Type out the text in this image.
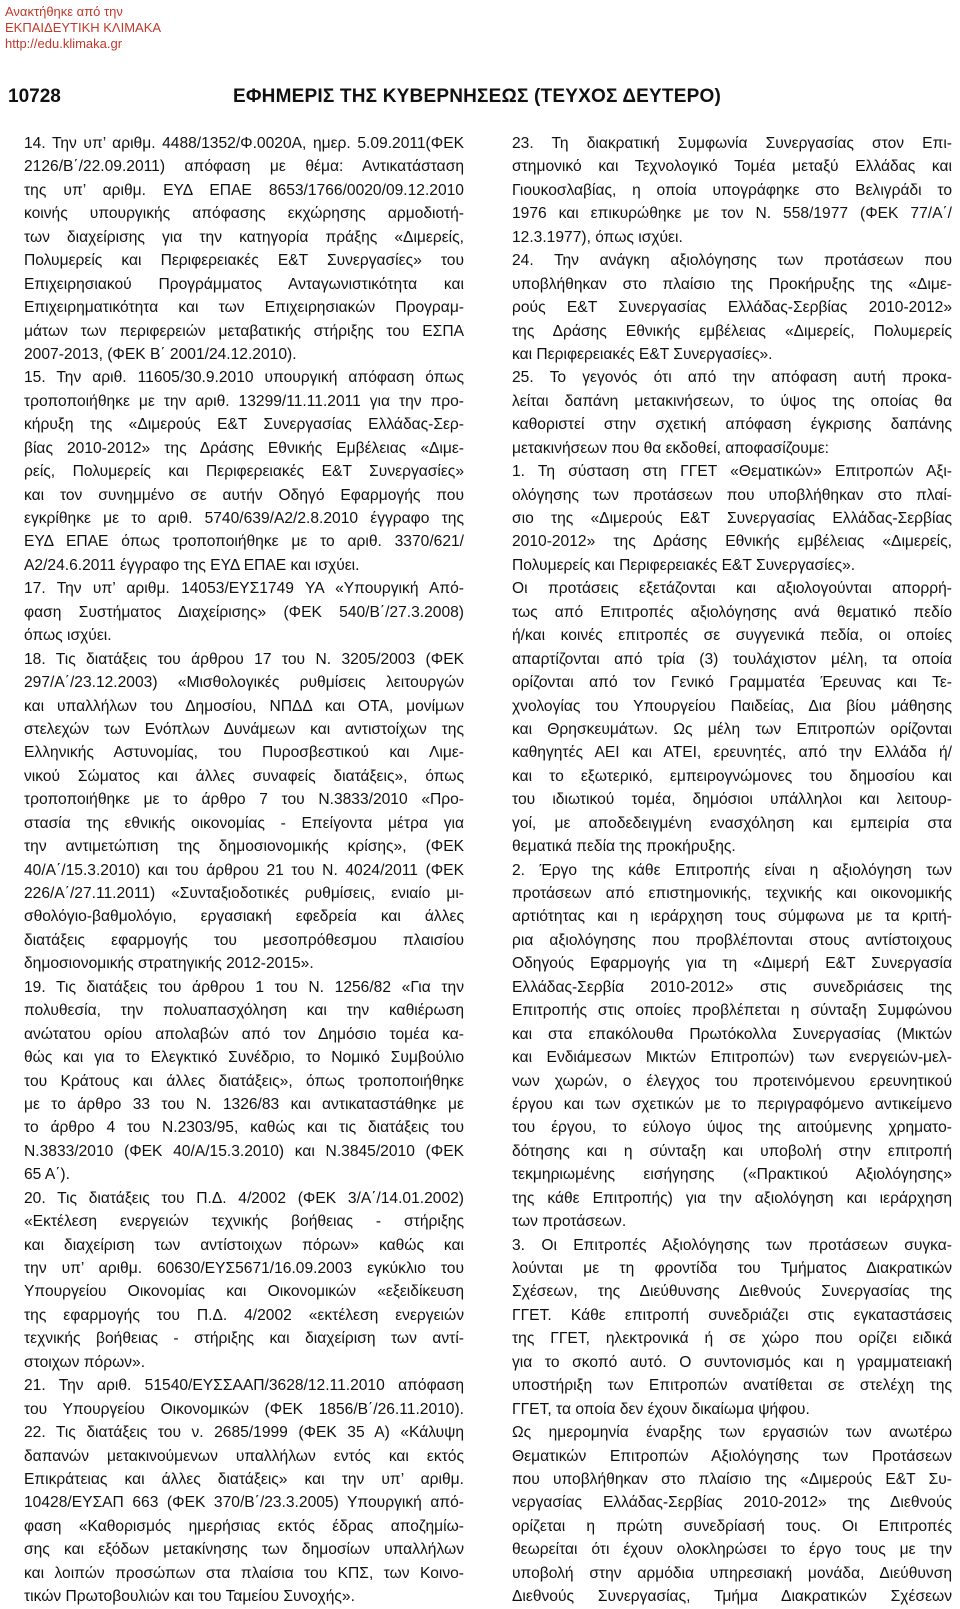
Ανακτήθηκε από την
ΕΚΠΑΙΔΕΥΤΙΚΗ ΚΛΙΜΑΚΑ
http://edu.klimaka.gr
10728	ΕΦΗΜΕΡΙΣ ΤΗΣ ΚΥΒΕΡΝΗΣΕΩΣ (ΤΕΥΧΟΣ ΔΕΥΤΕΡΟ)
14. Την υπ’ αριθμ. 4488/1352/Φ.0020Α, ημερ. 5.09.2011(ΦΕΚ
2126/Β΄/22.09.2011) απόφαση με θέμα: Αντικατάσταση
της υπ’ αριθμ. ΕΥΔ ΕΠΑΕ 8653/1766/0020/09.12.2010
κοινής υπουργικής απόφασης εκχώρησης αρμοδιοτή-
των διαχείρισης για την κατηγορία πράξης «Διμερείς,
Πολυμερείς και Περιφερειακές Ε&Τ Συνεργασίες» του
Επιχειρησιακού Προγράμματος Ανταγωνιστικότητα και
Επιχειρηματικότητα και των Επιχειρησιακών Προγραμ-
μάτων των περιφερειών μεταβατικής στήριξης του ΕΣΠΑ
2007-2013, (ΦΕΚ Β΄ 2001/24.12.2010).
15. Την αριθ. 11605/30.9.2010 υπουργική απόφαση όπως
τροποποιήθηκε με την αριθ. 13299/11.11.2011 για την προ-
κήρυξη της «Διμερούς Ε&Τ Συνεργασίας Ελλάδας-Σερ-
βίας 2010-2012» της Δράσης Εθνικής Εμβέλειας «Διμε-
ρείς, Πολυμερείς και Περιφερειακές Ε&Τ Συνεργασίες»
και τον συνημμένο σε αυτήν Οδηγό Εφαρμογής που
εγκρίθηκε με το αριθ. 5740/639/Α2/2.8.2010 έγγραφο της
ΕΥΔ ΕΠΑΕ όπως τροποποιήθηκε με το αριθ. 3370/621/
Α2/24.6.2011 έγγραφο της ΕΥΔ ΕΠΑΕ και ισχύει.
17. Την υπ’ αριθμ. 14053/ΕΥΣ1749 ΥΑ «Υπουργική Από-
φαση Συστήματος Διαχείρισης» (ΦΕΚ 540/Β΄/27.3.2008)
όπως ισχύει.
18. Τις διατάξεις του άρθρου 17 του Ν. 3205/2003 (ΦΕΚ
297/Α΄/23.12.2003) «Μισθολογικές ρυθμίσεις λειτουργών
και υπαλλήλων του Δημοσίου, ΝΠΔΔ και ΟΤΑ, μονίμων
στελεχών των Ενόπλων Δυνάμεων και αντιστοίχων της
Ελληνικής Αστυνομίας, του Πυροσβεστικού και Λιμε-
νικού Σώματος και άλλες συναφείς διατάξεις», όπως
τροποποιήθηκε με το άρθρο 7 του Ν.3833/2010 «Προ-
στασία της εθνικής οικονομίας - Επείγοντα μέτρα για
την αντιμετώπιση της δημοσιονομικής κρίσης», (ΦΕΚ
40/Α΄/15.3.2010) και του άρθρου 21 του Ν. 4024/2011 (ΦΕΚ
226/Α΄/27.11.2011) «Συνταξιοδοτικές ρυθμίσεις, ενιαίο μι-
σθολόγιο-βαθμολόγιο, εργασιακή εφεδρεία και άλλες
διατάξεις εφαρμογής του μεσοπρόθεσμου πλαισίου
δημοσιονομικής στρατηγικής 2012-2015».
19. Τις διατάξεις του άρθρου 1 του Ν. 1256/82 «Για την
πολυθεσία, την πολυαπασχόληση και την καθιέρωση
ανώτατου ορίου απολαβών από τον Δημόσιο τομέα κα-
θώς και για το Ελεγκτικό Συνέδριο, το Νομικό Συμβούλιο
του Κράτους και άλλες διατάξεις», όπως τροποποιήθηκε
με το άρθρο 33 του Ν. 1326/83 και αντικαταστάθηκε με
το άρθρο 4 του Ν.2303/95, καθώς και τις διατάξεις του
Ν.3833/2010 (ΦΕΚ 40/Α/15.3.2010) και Ν.3845/2010 (ΦΕΚ
65 Α΄).
20. Τις διατάξεις του Π.Δ. 4/2002 (ΦΕΚ 3/Α΄/14.01.2002)
«Εκτέλεση ενεργειών τεχνικής βοήθειας - στήριξης
και διαχείριση των αντίστοιχων πόρων» καθώς και
την υπ’ αριθμ. 60630/ΕΥΣ5671/16.09.2003 εγκύκλιο του
Υπουργείου Οικονομίας και Οικονομικών «εξειδίκευση
της εφαρμογής του Π.Δ. 4/2002 «εκτέλεση ενεργειών
τεχνικής βοήθειας - στήριξης και διαχείριση των αντί-
στοιχων πόρων».
21. Την αριθ. 51540/ΕΥΣΣΑΑΠ/3628/12.11.2010 απόφαση
του Υπουργείου Οικονομικών (ΦΕΚ 1856/Β΄/26.11.2010).
22. Τις διατάξεις του ν. 2685/1999 (ΦΕΚ 35 Α) «Κάλυψη
δαπανών μετακινούμενων υπαλλήλων εντός και εκτός
Επικράτειας και άλλες διατάξεις» και την υπ’ αριθμ.
10428/ΕΥΣΑΠ 663 (ΦΕΚ 370/Β΄/23.3.2005) Υπουργική από-
φαση «Καθορισμός ημερήσιας εκτός έδρας αποζημίω-
σης και εξόδων μετακίνησης των δημοσίων υπαλλήλων
και λοιπών προσώπων στα πλαίσια του ΚΠΣ, των Κοινο-
τικών Πρωτοβουλιών και του Ταμείου Συνοχής».
23. Τη διακρατική Συμφωνία Συνεργασίας στον Επι-
στημονικό και Τεχνολογικό Τομέα μεταξύ Ελλάδας και
Γιουκοσλαβίας, η οποία υπογράφηκε στο Βελιγράδι το
1976 και επικυρώθηκε με τον Ν. 558/1977 (ΦΕΚ 77/Α΄/
12.3.1977), όπως ισχύει.
24. Την ανάγκη αξιολόγησης των προτάσεων που
υποβλήθηκαν στο πλαίσιο της Προκήρυξης της «Διμε-
ρούς Ε&Τ Συνεργασίας Ελλάδας-Σερβίας 2010-2012»
της Δράσης Εθνικής εμβέλειας «Διμερείς, Πολυμερείς
και Περιφερειακές Ε&Τ Συνεργασίες».
25. Το γεγονός ότι από την απόφαση αυτή προκα-
λείται δαπάνη μετακινήσεων, το ύψος της οποίας θα
καθοριστεί στην σχετική απόφαση έγκρισης δαπάνης
μετακινήσεων που θα εκδοθεί, αποφασίζουμε:
1. Τη σύσταση στη ΓΓΕΤ «Θεματικών» Επιτροπών Αξι-
ολόγησης των προτάσεων που υποβλήθηκαν στο πλαί-
σιο της «Διμερούς Ε&Τ Συνεργασίας Ελλάδας-Σερβίας
2010-2012» της Δράσης Εθνικής εμβέλειας «Διμερείς,
Πολυμερείς και Περιφερειακές Ε&Τ Συνεργασίες».
Οι προτάσεις εξετάζονται και αξιολογούνται απορρή-
τως από Επιτροπές αξιολόγησης ανά θεματικό πεδίο
ή/και κοινές επιτροπές σε συγγενικά πεδία, οι οποίες
απαρτίζονται από τρία (3) τουλάχιστον μέλη, τα οποία
ορίζονται από τον Γενικό Γραμματέα Έρευνας και Τε-
χνολογίας του Υπουργείου Παιδείας, Δια βίου μάθησης
και Θρησκευμάτων. Ως μέλη των Επιτροπών ορίζονται
καθηγητές ΑΕΙ και ΑΤΕΙ, ερευνητές, από την Ελλάδα ή/
και το εξωτερικό, εμπειρογνώμονες του δημοσίου και
του ιδιωτικού τομέα, δημόσιοι υπάλληλοι και λειτουρ-
γοί, με αποδεδειγμένη ενασχόληση και εμπειρία στα
θεματικά πεδία της προκήρυξης.
2. Έργο της κάθε Επιτροπής είναι η αξιολόγηση των
προτάσεων από επιστημονικής, τεχνικής και οικονομικής
αρτιότητας και η ιεράρχηση τους σύμφωνα με τα κριτή-
ρια αξιολόγησης που προβλέπονται στους αντίστοιχους
Οδηγούς Εφαρμογής για τη «Διμερή Ε&Τ Συνεργασία
Ελλάδας-Σερβία 2010-2012» στις συνεδριάσεις της
Επιτροπής στις οποίες προβλέπεται η σύνταξη Συμφώνου
και στα επακόλουθα Πρωτόκολλα Συνεργασίας (Μικτών
και Ενδιάμεσων Μικτών Επιτροπών) των ενεργειών-μελ-
νων χωρών, ο έλεγχος του προτεινόμενου ερευνητικού
έργου και των σχετικών με το περιγραφόμενο αντικείμενο
του έργου, το εύλογο ύψος της αιτούμενης χρηματο-
δότησης και η σύνταξη και υποβολή στην επιτροπή
τεκμηριωμένης εισήγησης («Πρακτικού Αξιολόγησης»
της κάθε Επιτροπής) για την αξιολόγηση και ιεράρχηση
των προτάσεων.
3. Οι Επιτροπές Αξιολόγησης των προτάσεων συγκα-
λούνται με τη φροντίδα του Τμήματος Διακρατικών
Σχέσεων, της Διεύθυνσης Διεθνούς Συνεργασίας της
ΓΓΕΤ. Κάθε επιτροπή συνεδριάζει στις εγκαταστάσεις
της ΓΓΕΤ, ηλεκτρονικά ή σε χώρο που ορίζει ειδικά
για το σκοπό αυτό. Ο συντονισμός και η γραμματειακή
υποστήριξη των Επιτροπών ανατίθεται σε στελέχη της
ΓΓΕΤ, τα οποία δεν έχουν δικαίωμα ψήφου.
Ως ημερομηνία έναρξης των εργασιών των ανωτέρω
Θεματικών Επιτροπών Αξιολόγησης των Προτάσεων
που υποβλήθηκαν στο πλαίσιο της «Διμερούς Ε&Τ Συ-
νεργασίας Ελλάδας-Σερβίας 2010-2012» της Διεθνούς
ορίζεται η πρώτη συνεδρίασή τους. Οι Επιτροπές
θεωρείται ότι έχουν ολοκληρώσει το έργο τους με την
υποβολή στην αρμόδια υπηρεσιακή μονάδα, Διεύθυνση
Διεθνούς Συνεργασίας, Τμήμα Διακρατικών Σχέσεων
